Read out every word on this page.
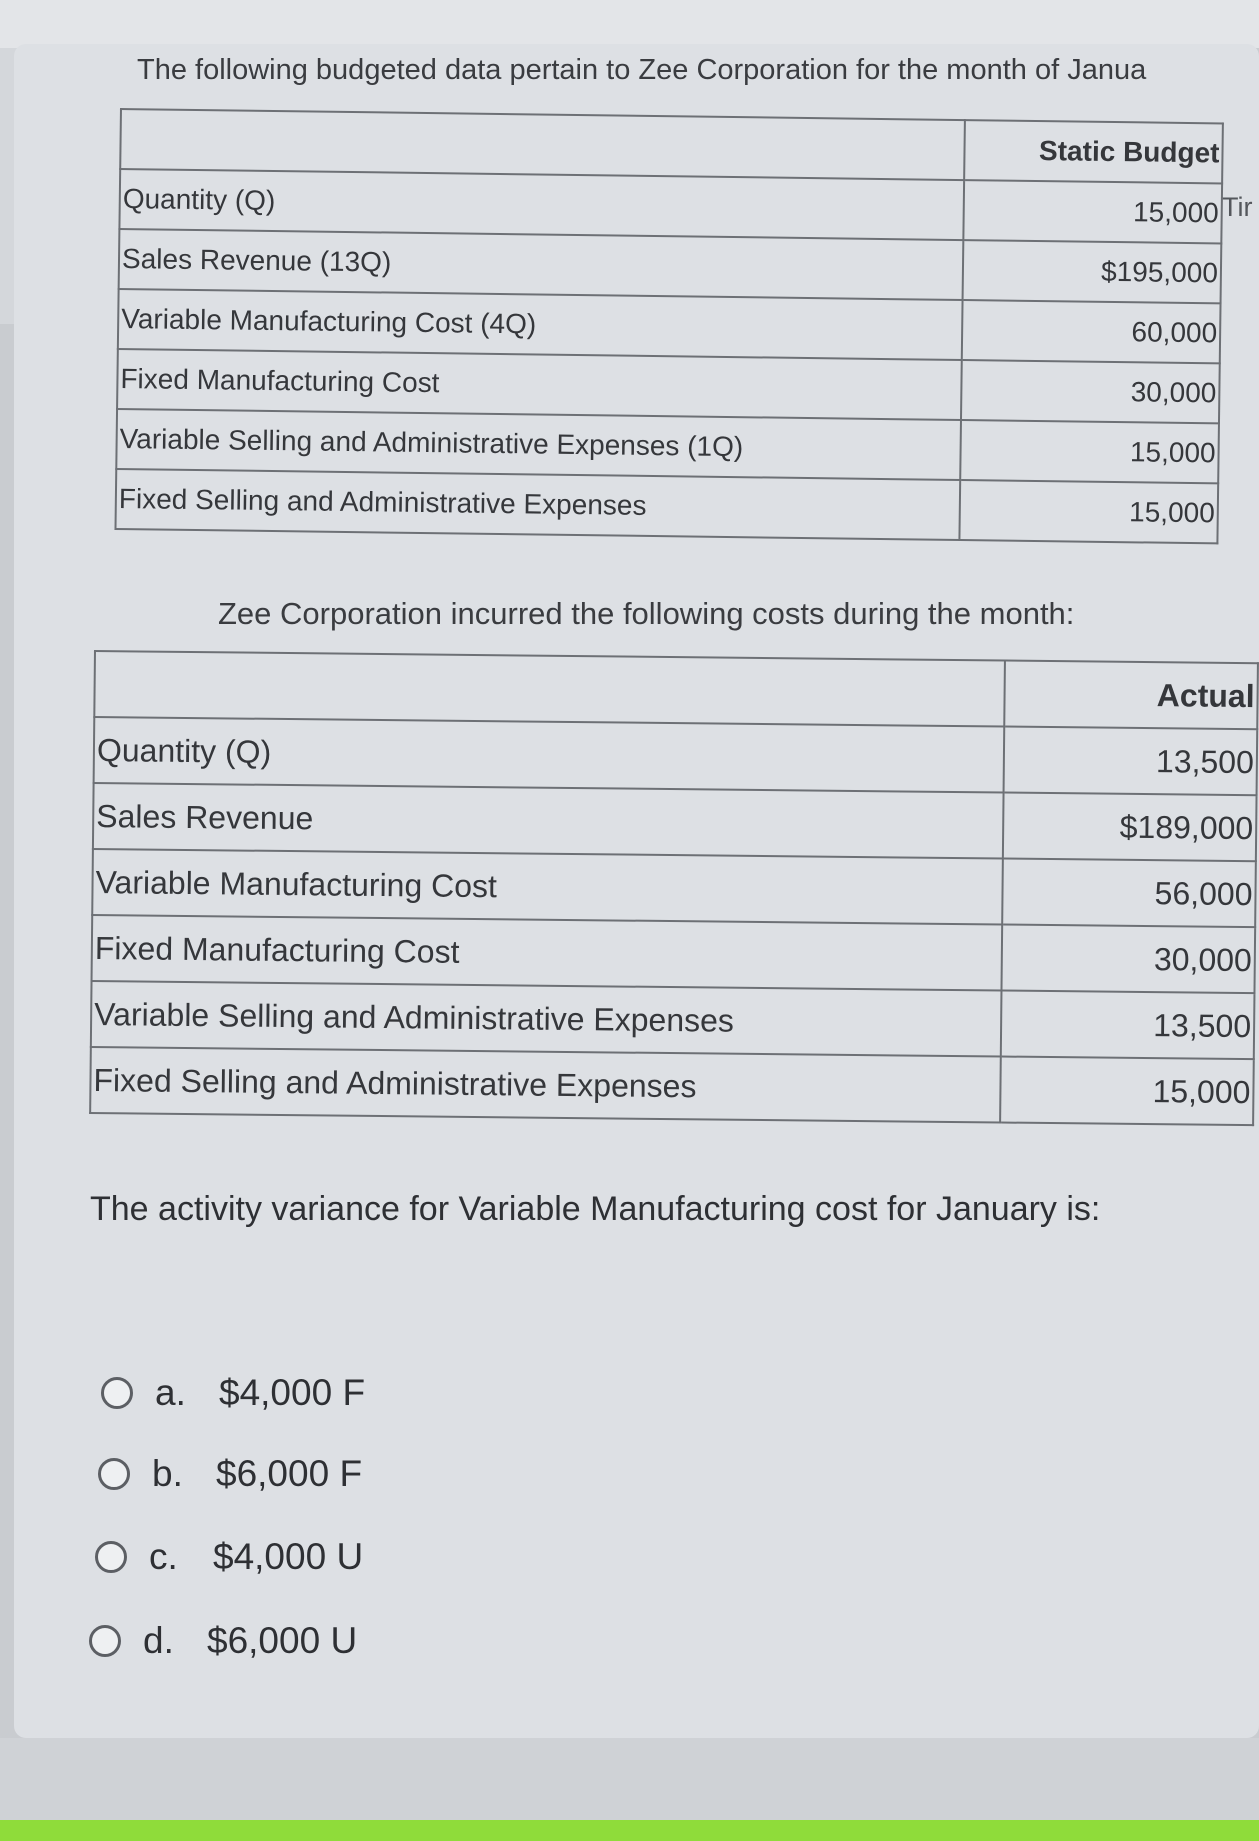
The following budgeted data pertain to Zee Corporation for the month of Janua
Tir
	Static Budget
Quantity (Q)	15,000
Sales Revenue (13Q)	$195,000
Variable Manufacturing Cost (4Q)	60,000
Fixed Manufacturing Cost	30,000
Variable Selling and Administrative Expenses (1Q)	15,000
Fixed Selling and Administrative Expenses	15,000
Zee Corporation incurred the following costs during the month:
	Actual
Quantity (Q)	13,500
Sales Revenue	$189,000
Variable Manufacturing Cost	56,000
Fixed Manufacturing Cost	30,000
Variable Selling and Administrative Expenses	13,500
Fixed Selling and Administrative Expenses	15,000
The activity variance for Variable Manufacturing cost for January is:
a. $4,000 F
b. $6,000 F
c. $4,000 U
d. $6,000 U
